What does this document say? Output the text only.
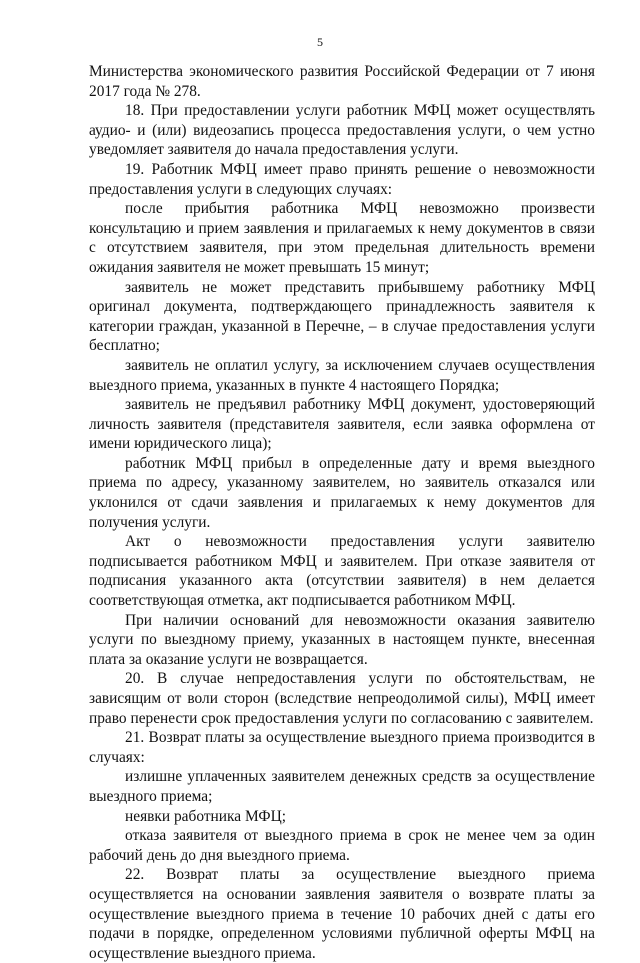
5

Министерства экономического развития Российской Федерации от 7 июня 2017 года № 278.

18. При предоставлении услуги работник МФЦ может осуществлять аудио- и (или) видеозапись процесса предоставления услуги, о чем устно уведомляет заявителя до начала предоставления услуги.

19. Работник МФЦ имеет право принять решение о невозможности предоставления услуги в следующих случаях:

после прибытия работника МФЦ невозможно произвести консультацию и прием заявления и прилагаемых к нему документов в связи с отсутствием заявителя, при этом предельная длительность времени ожидания заявителя не может превышать 15 минут;

заявитель не может представить прибывшему работнику МФЦ оригинал документа, подтверждающего принадлежность заявителя к категории граждан, указанной в Перечне, – в случае предоставления услуги бесплатно;

заявитель не оплатил услугу, за исключением случаев осуществления выездного приема, указанных в пункте 4 настоящего Порядка;

заявитель не предъявил работнику МФЦ документ, удостоверяющий личность заявителя (представителя заявителя, если заявка оформлена от имени юридического лица);

работник МФЦ прибыл в определенные дату и время выездного приема по адресу, указанному заявителем, но заявитель отказался или уклонился от сдачи заявления и прилагаемых к нему документов для получения услуги.

Акт о невозможности предоставления услуги заявителю подписывается работником МФЦ и заявителем. При отказе заявителя от подписания указанного акта (отсутствии заявителя) в нем делается соответствующая отметка, акт подписывается работником МФЦ.

При наличии оснований для невозможности оказания заявителю услуги по выездному приему, указанных в настоящем пункте, внесенная плата за оказание услуги не возвращается.

20. В случае непредоставления услуги по обстоятельствам, не зависящим от воли сторон (вследствие непреодолимой силы), МФЦ имеет право перенести срок предоставления услуги по согласованию с заявителем.

21. Возврат платы за осуществление выездного приема производится в случаях:

излишне уплаченных заявителем денежных средств за осуществление выездного приема;

неявки работника МФЦ;

отказа заявителя от выездного приема в срок не менее чем за один рабочий день до дня выездного приема.

22. Возврат платы за осуществление выездного приема осуществляется на основании заявления заявителя о возврате платы за осуществление выездного приема в течение 10 рабочих дней с даты его подачи в порядке, определенном условиями публичной оферты МФЦ на осуществление выездного приема.
